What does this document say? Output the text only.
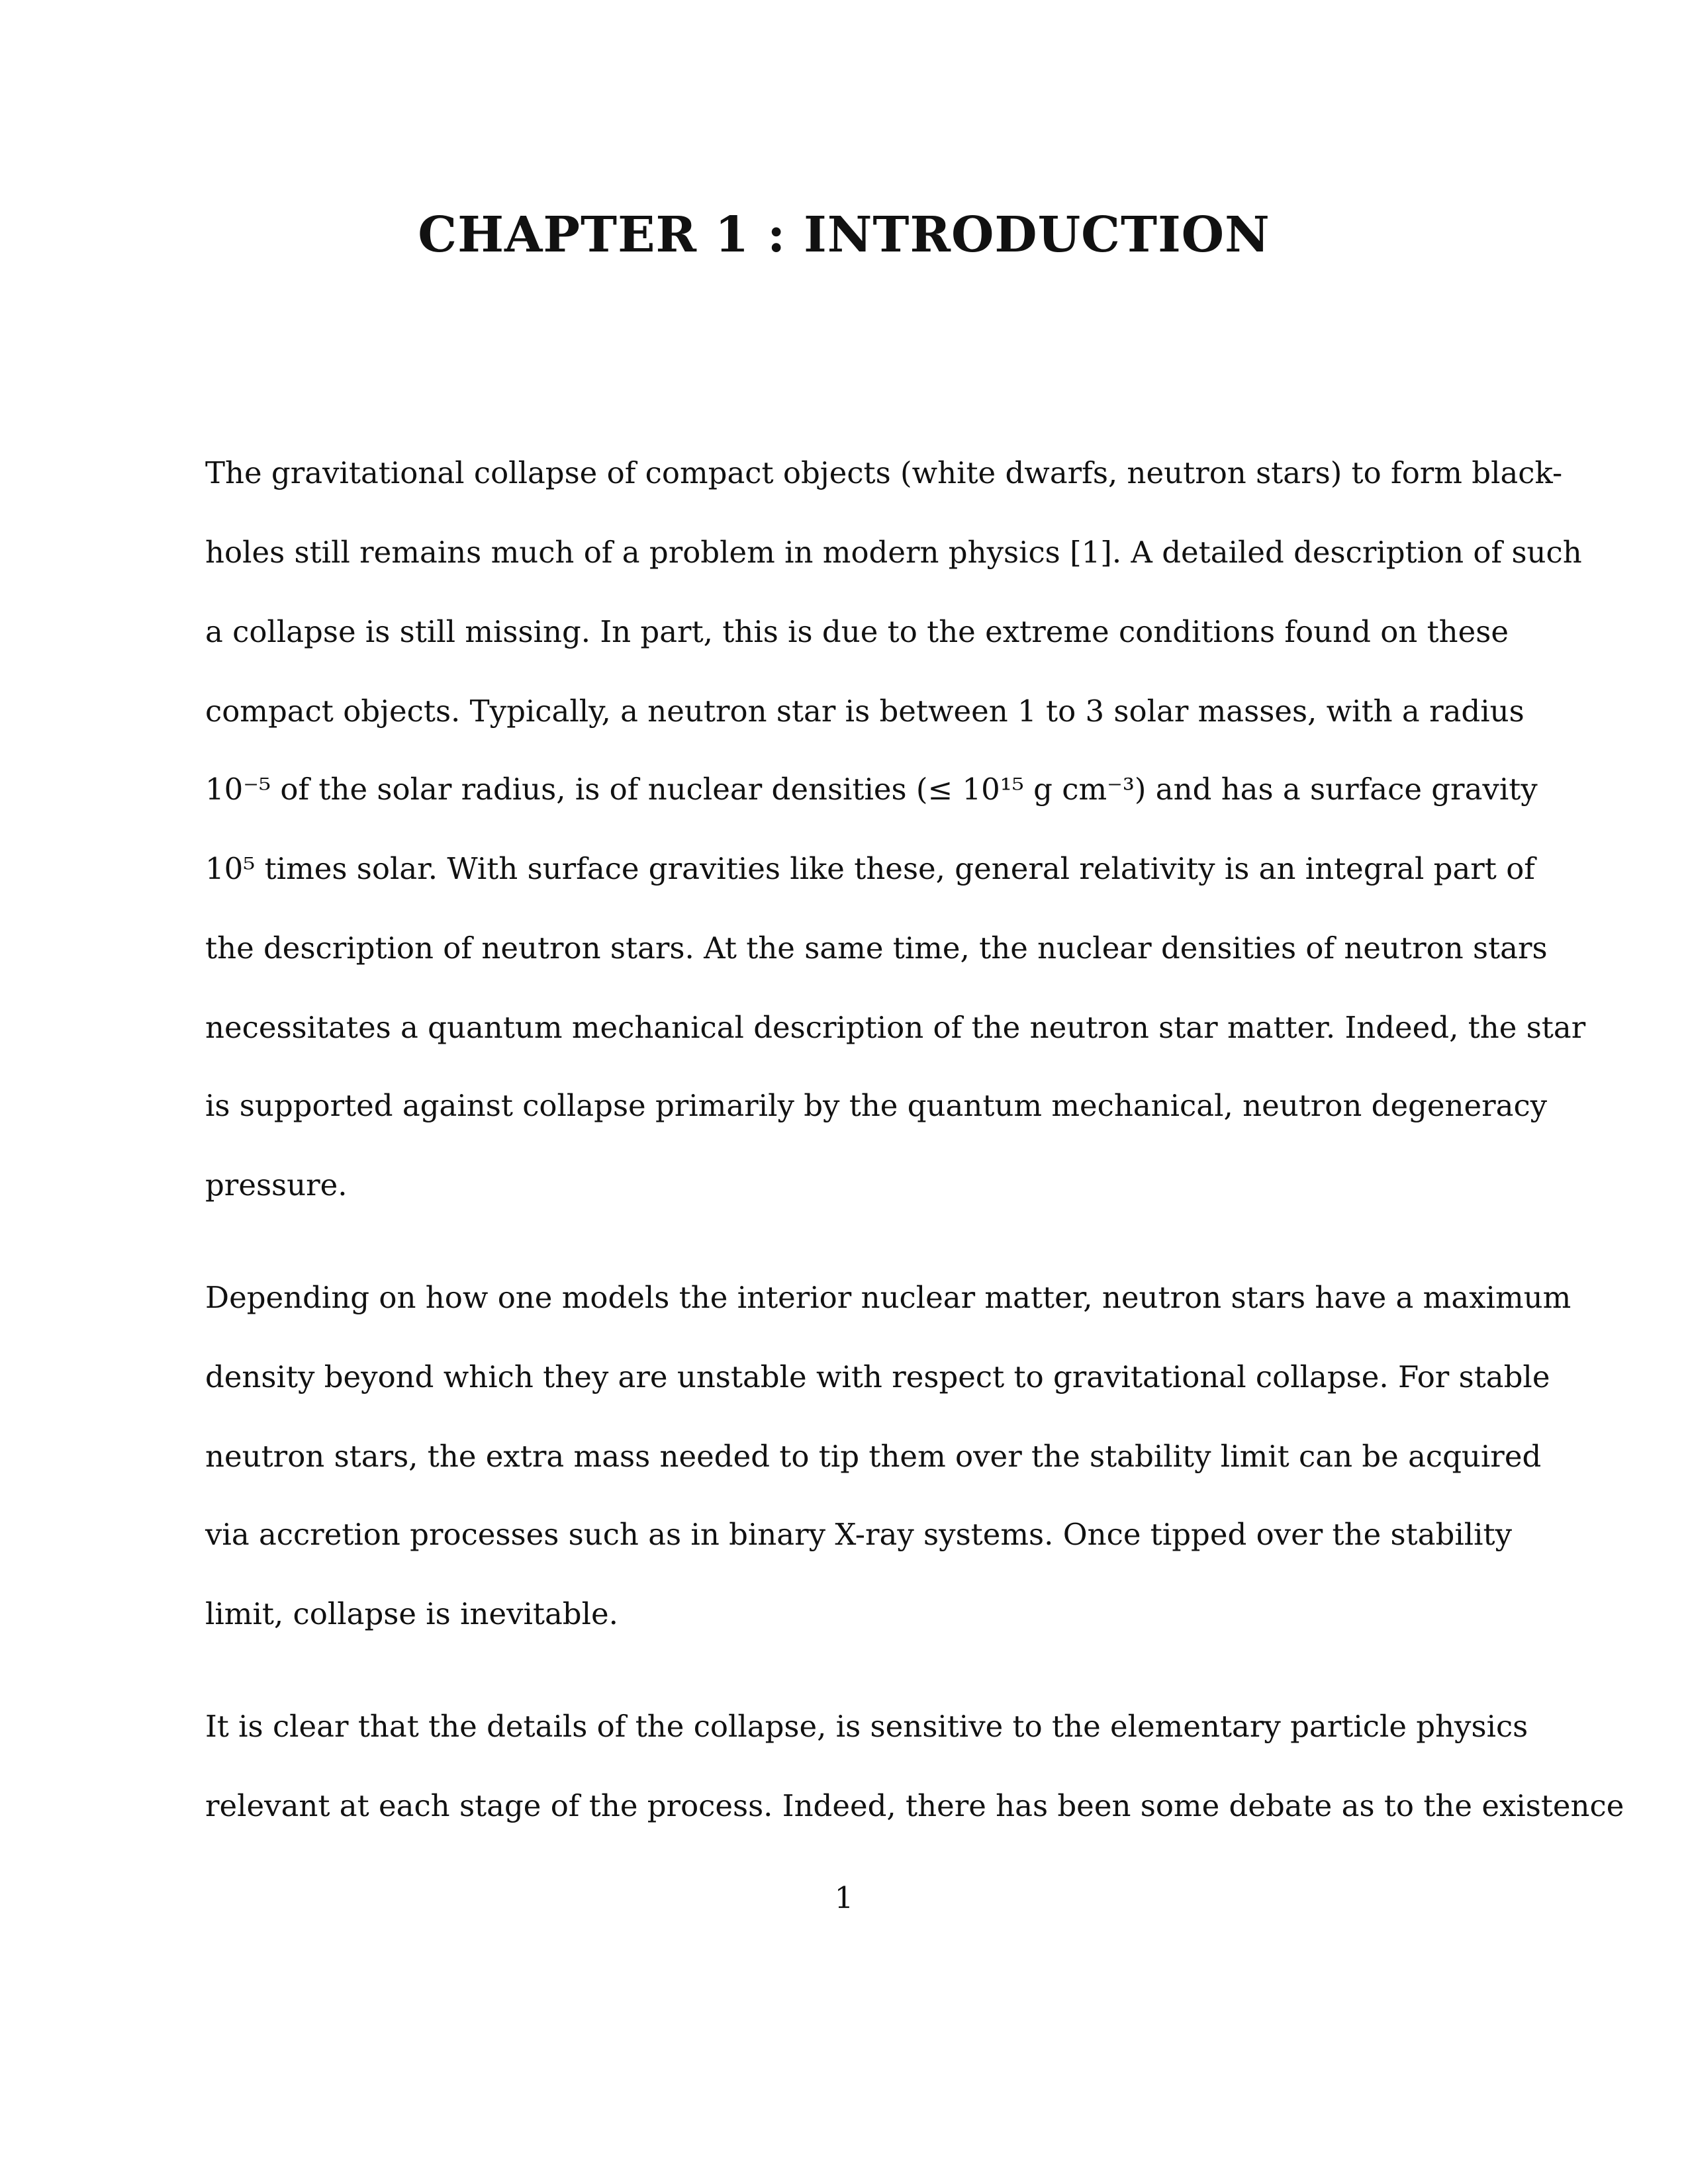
CHAPTER 1 : INTRODUCTION
The gravitational collapse of compact objects (white dwarfs, neutron stars) to form black-
holes still remains much of a problem in modern physics [1]. A detailed description of such
a collapse is still missing. In part, this is due to the extreme conditions found on these
compact objects. Typically, a neutron star is between 1 to 3 solar masses, with a radius
10⁻⁵ of the solar radius, is of nuclear densities (≤ 10¹⁵ g cm⁻³) and has a surface gravity
10⁵ times solar. With surface gravities like these, general relativity is an integral part of
the description of neutron stars. At the same time, the nuclear densities of neutron stars
necessitates a quantum mechanical description of the neutron star matter. Indeed, the star
is supported against collapse primarily by the quantum mechanical, neutron degeneracy
pressure.
Depending on how one models the interior nuclear matter, neutron stars have a maximum
density beyond which they are unstable with respect to gravitational collapse. For stable
neutron stars, the extra mass needed to tip them over the stability limit can be acquired
via accretion processes such as in binary X-ray systems. Once tipped over the stability
limit, collapse is inevitable.
It is clear that the details of the collapse, is sensitive to the elementary particle physics
relevant at each stage of the process. Indeed, there has been some debate as to the existence
1
